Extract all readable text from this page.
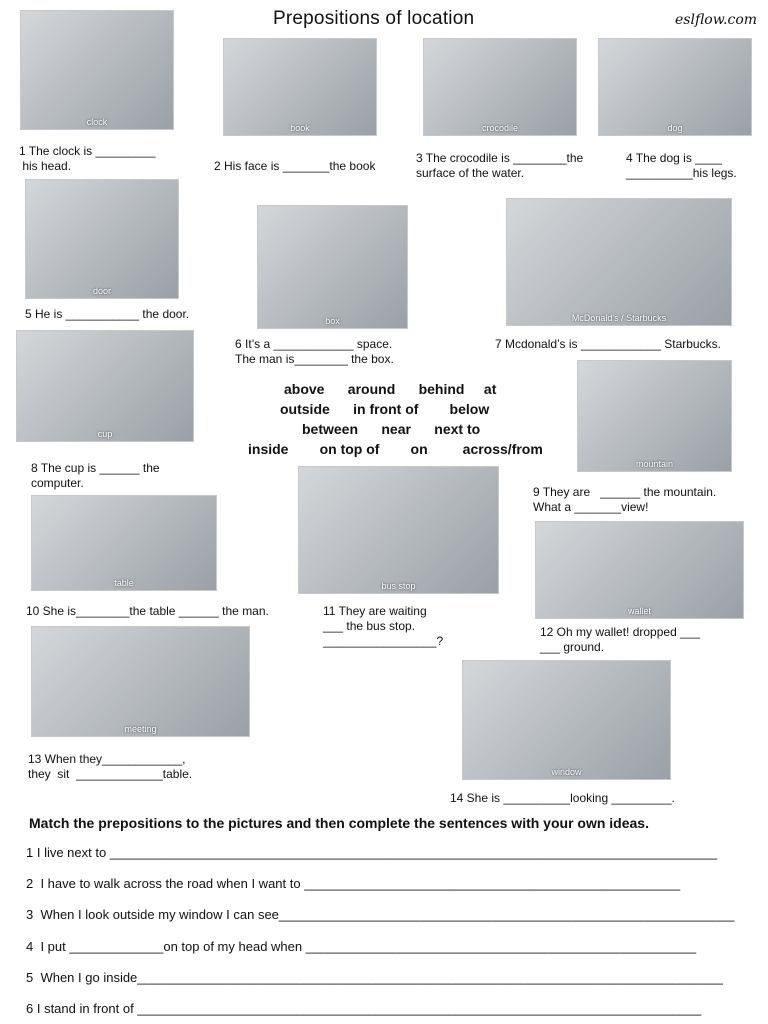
Prepositions of location	eslflow.com
clock
book	crocodile	dog
door
box	McDonald's / Starbucks
cup
mountain
table	bus stop
wallet
meeting
window
1 The clock is _________
his head.	2 His face is _______the book
3 The crocodile is ________the
surface of the water.
4 The dog is ____
__________his legs.
5 He is ___________ the door.
6 It’s a ____________ space.
The man is________ the box.
7 Mcdonald’s is ____________ Starbucks.
8 The cup is ______ the
computer.
9 They are   ______ the mountain.
What a _______view!
10 She is________the table ______ the man.	11 They are waiting
___ the bus stop.
_________________?
12 Oh my wallet! dropped ___
___ ground.
13 When they____________,
they  sit  _____________table.
14 She is __________looking _________.
above      around      behind     at
outside      in front of        below
between      near      next to
inside        on top of        on         across/from
Match the prepositions to the pictures and then complete the sentences with your own ideas.
1 I live next to ____________________________________________________________________________________
2  I have to walk across the road when I want to ____________________________________________________
3  When I look outside my window I can see_______________________________________________________________
4  I put _____________on top of my head when ______________________________________________________
5  When I go inside_________________________________________________________________________________
6 I stand in front of ______________________________________________________________________________
